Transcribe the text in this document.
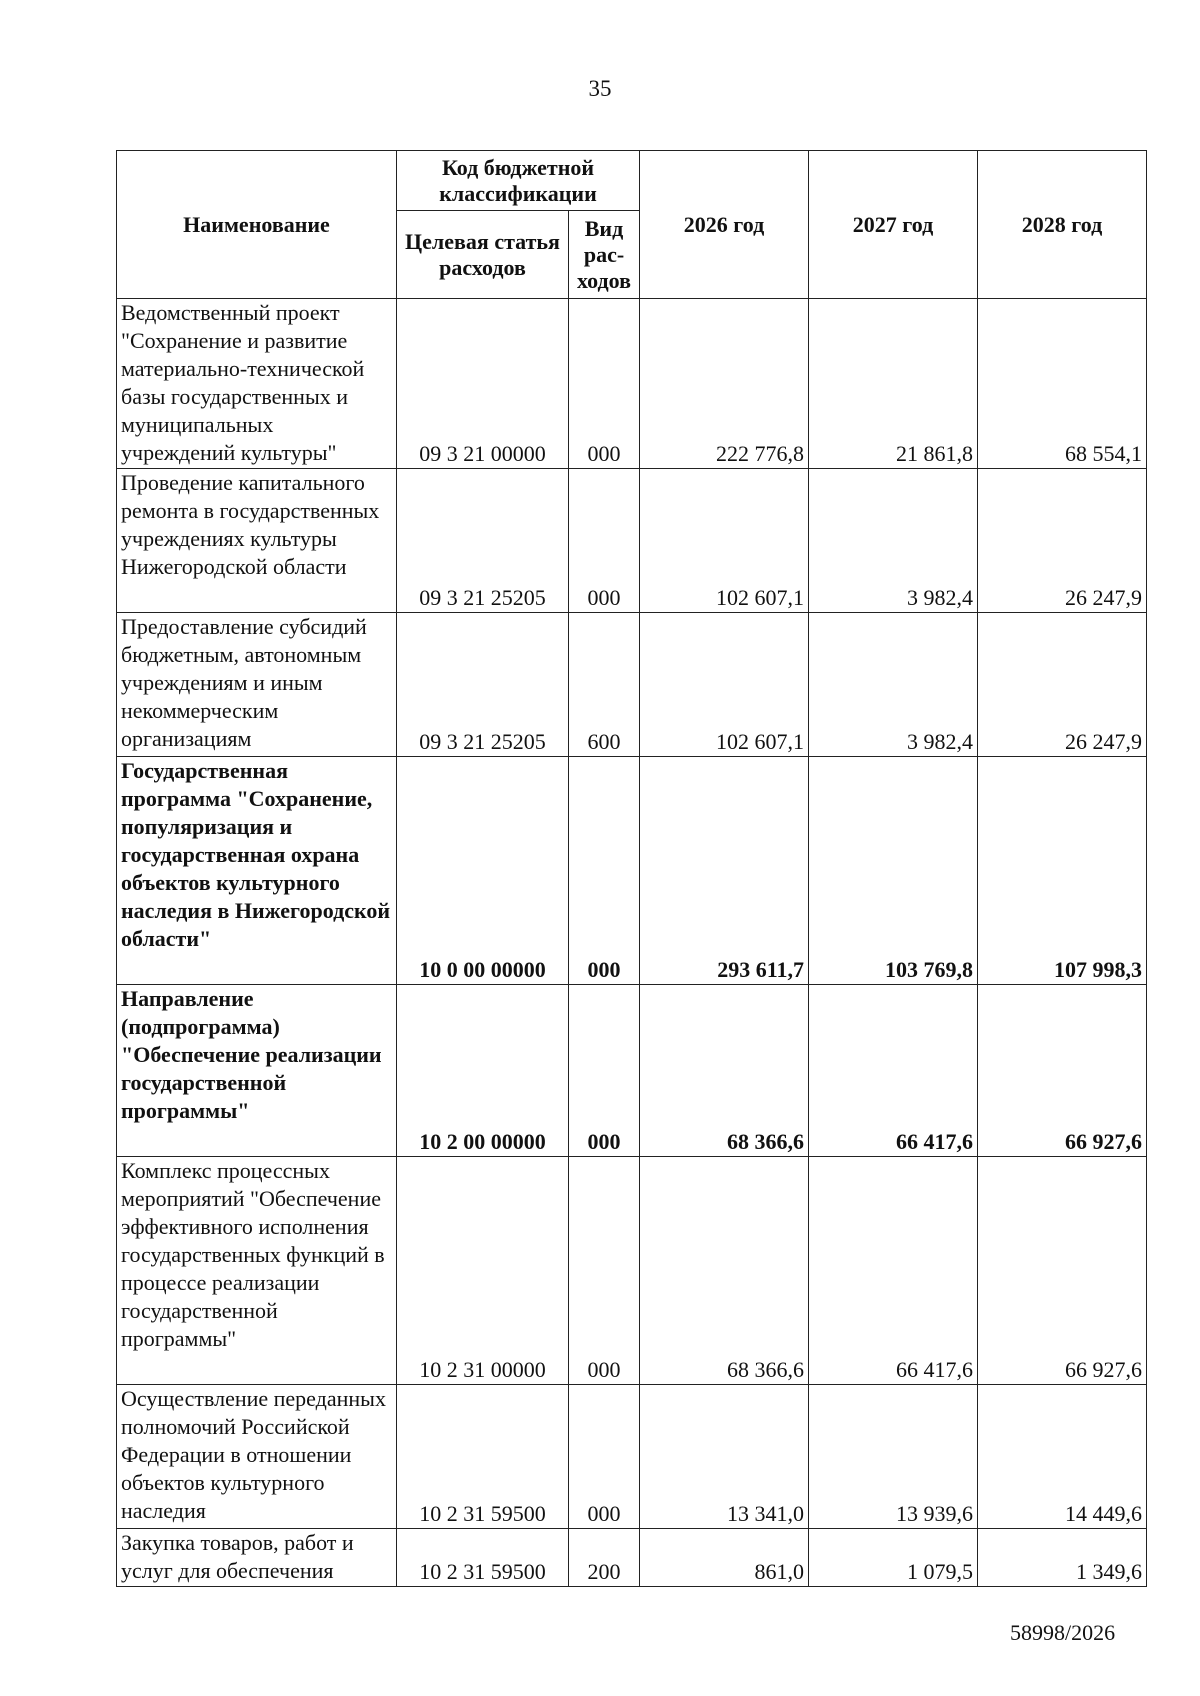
35
Наименование	Код бюджетной классификации		2026 год	2027 год	2028 год
	Целевая статья расходов	Вид рас-ходов			
Ведомственный проект "Сохранение и развитие материально-технической базы государственных и муниципальных учреждений культуры"	09 3 21 00000	000	222 776,8	21 861,8	68 554,1
Проведение капитального ремонта в государственных учреждениях культуры Нижегородской области	09 3 21 25205	000	102 607,1	3 982,4	26 247,9
Предоставление субсидий бюджетным, автономным учреждениям и иным некоммерческим организациям	09 3 21 25205	600	102 607,1	3 982,4	26 247,9
Государственная программа "Сохранение, популяризация и государственная охрана объектов культурного наследия в Нижегородской области"	10 0 00 00000	000	293 611,7	103 769,8	107 998,3
Направление (подпрограмма) "Обеспечение реализации государственной программы"	10 2 00 00000	000	68 366,6	66 417,6	66 927,6
Комплекс процессных мероприятий "Обеспечение эффективного исполнения государственных функций в процессе реализации государственной программы"	10 2 31 00000	000	68 366,6	66 417,6	66 927,6
Осуществление переданных полномочий Российской Федерации в отношении объектов культурного наследия	10 2 31 59500	000	13 341,0	13 939,6	14 449,6
Закупка товаров, работ и услуг для обеспечения	10 2 31 59500	200	861,0	1 079,5	1 349,6
58998/2026
